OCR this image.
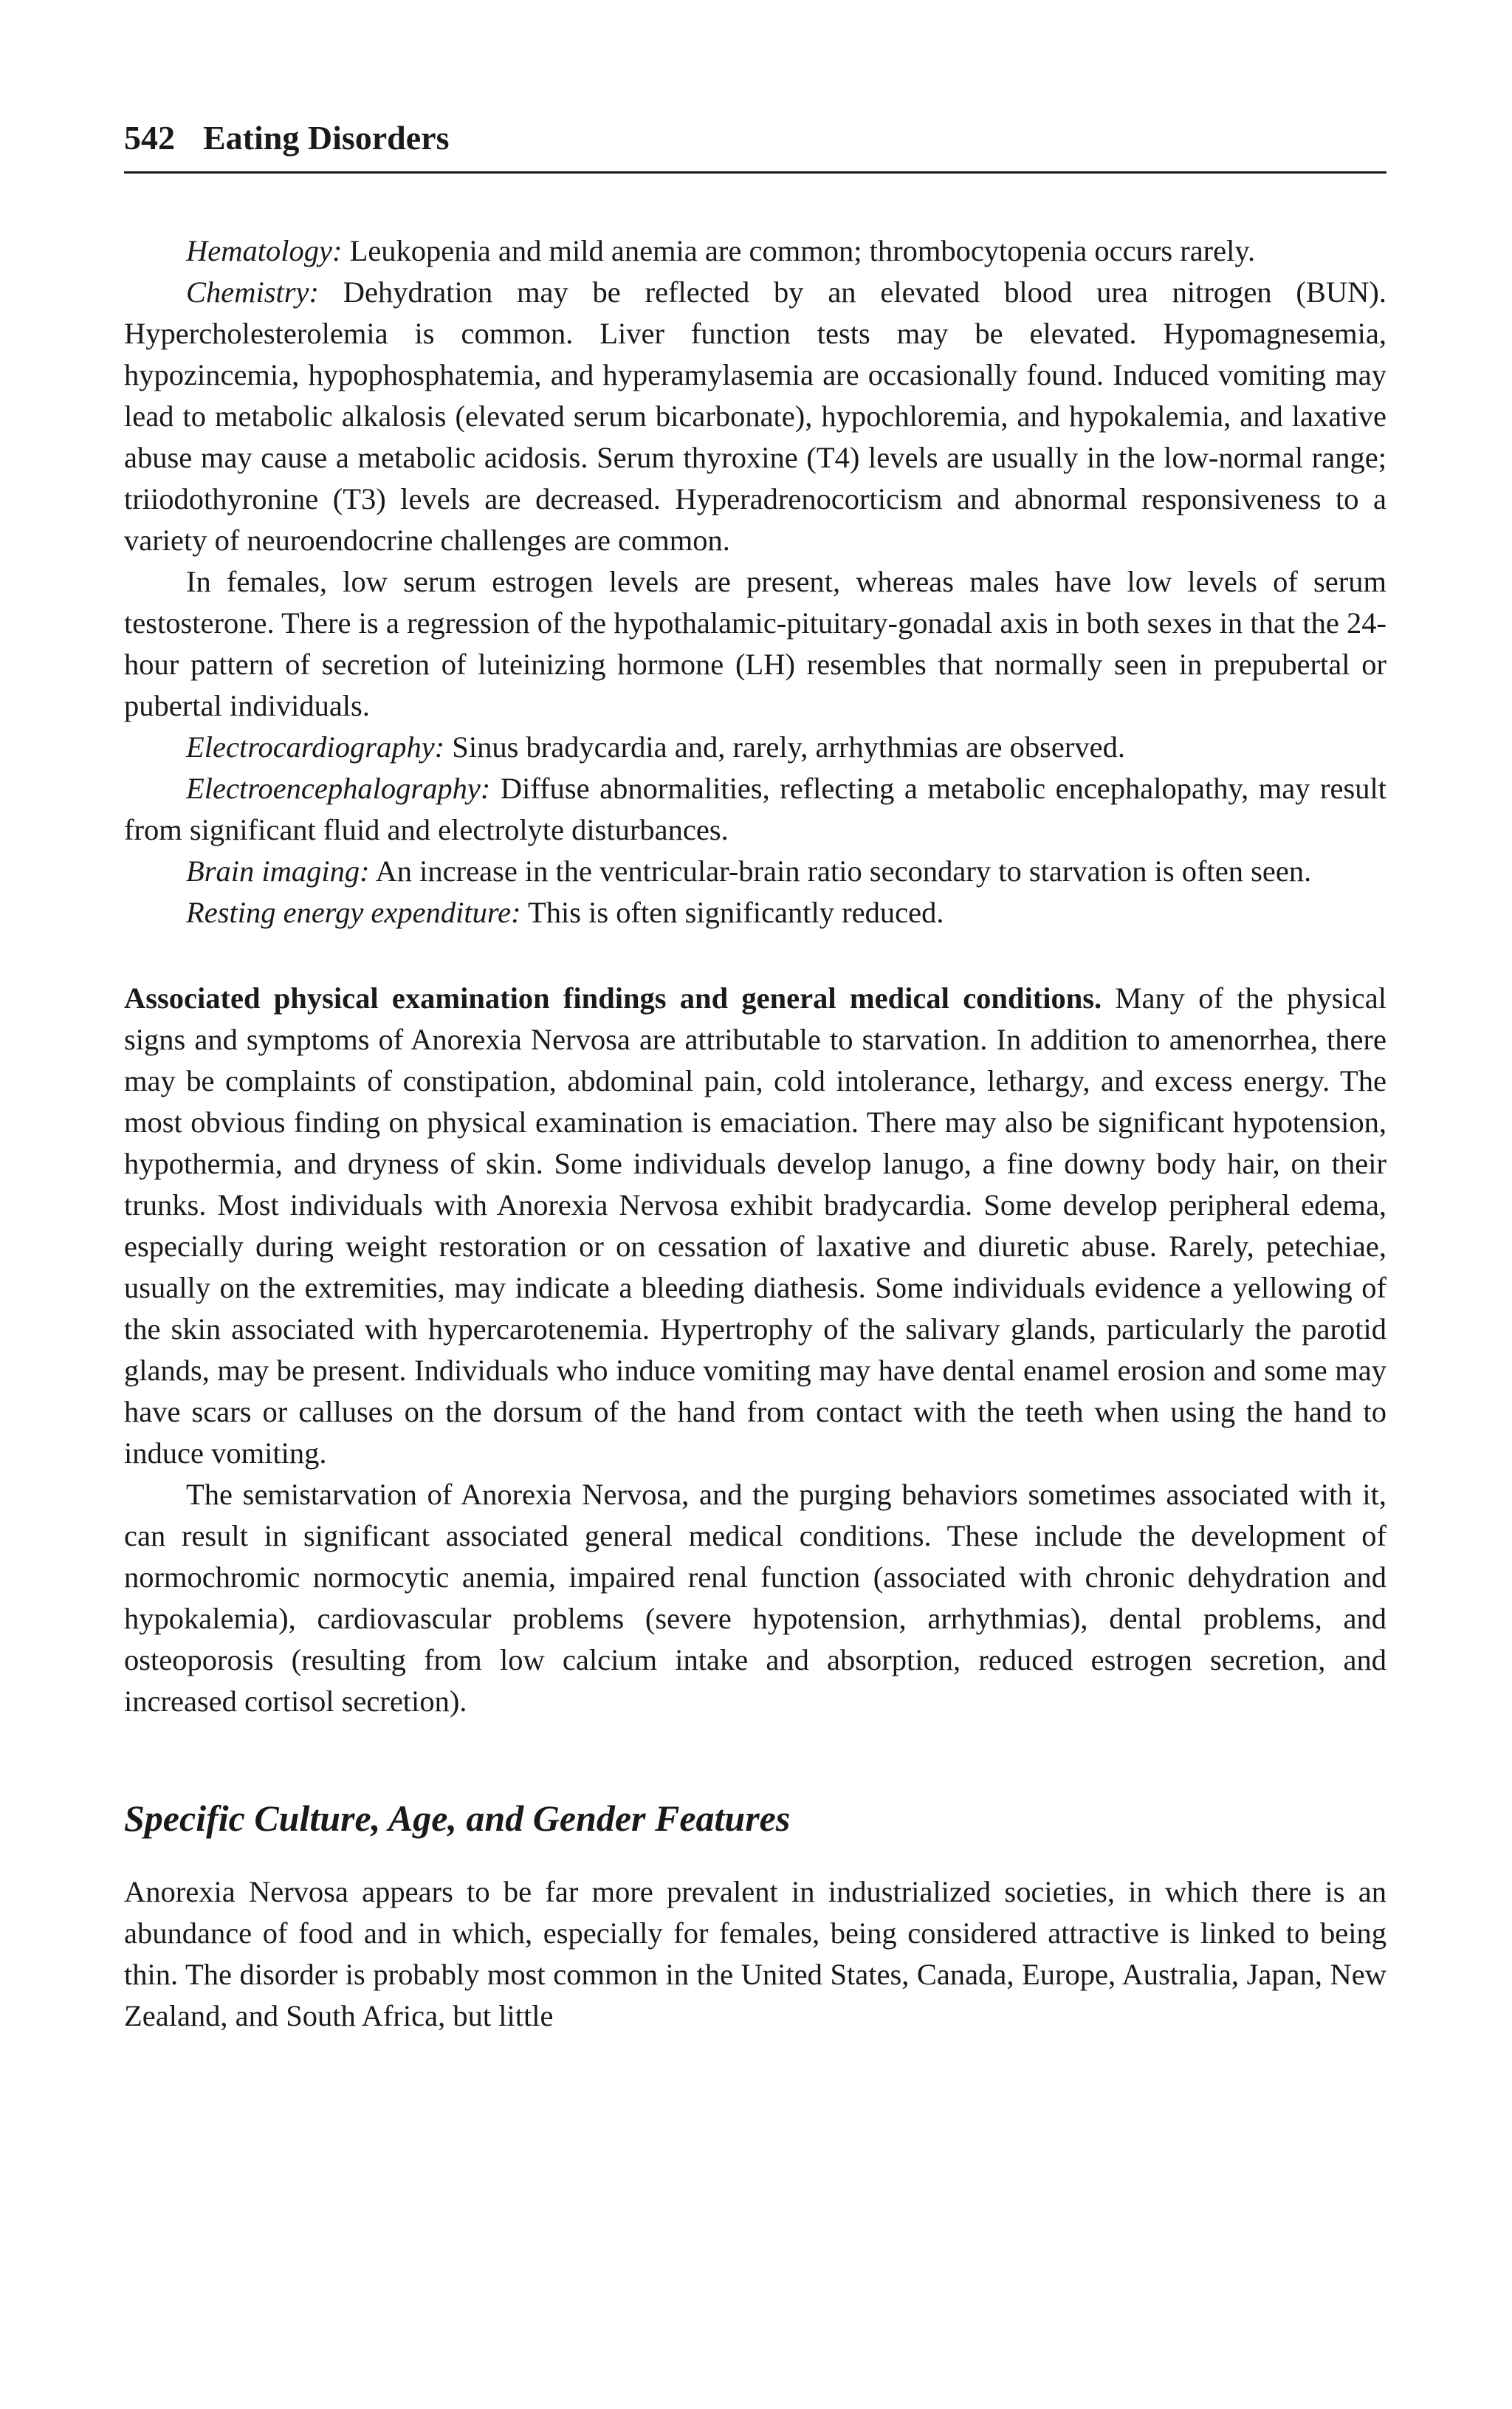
542 Eating Disorders

Hematology: Leukopenia and mild anemia are common; thrombocytopenia occurs rarely.

Chemistry: Dehydration may be reflected by an elevated blood urea nitrogen (BUN). Hypercholesterolemia is common. Liver function tests may be elevated. Hypomagnesemia, hypozincemia, hypophosphatemia, and hyperamylasemia are occasionally found. Induced vomiting may lead to metabolic alkalosis (elevated serum bicarbonate), hypochloremia, and hypokalemia, and laxative abuse may cause a metabolic acidosis. Serum thyroxine (T4) levels are usually in the low-normal range; triiodothyronine (T3) levels are decreased. Hyperadrenocorticism and abnormal responsiveness to a variety of neuroendocrine challenges are common.

In females, low serum estrogen levels are present, whereas males have low levels of serum testosterone. There is a regression of the hypothalamic-pituitary-gonadal axis in both sexes in that the 24-hour pattern of secretion of luteinizing hormone (LH) resembles that normally seen in prepubertal or pubertal individuals.

Electrocardiography: Sinus bradycardia and, rarely, arrhythmias are observed.

Electroencephalography: Diffuse abnormalities, reflecting a metabolic encephalopathy, may result from significant fluid and electrolyte disturbances.

Brain imaging: An increase in the ventricular-brain ratio secondary to starvation is often seen.

Resting energy expenditure: This is often significantly reduced.

Associated physical examination findings and general medical conditions. Many of the physical signs and symptoms of Anorexia Nervosa are attributable to starvation. In addition to amenorrhea, there may be complaints of constipation, abdominal pain, cold intolerance, lethargy, and excess energy. The most obvious finding on physical examination is emaciation. There may also be significant hypotension, hypothermia, and dryness of skin. Some individuals develop lanugo, a fine downy body hair, on their trunks. Most individuals with Anorexia Nervosa exhibit bradycardia. Some develop peripheral edema, especially during weight restoration or on cessation of laxative and diuretic abuse. Rarely, petechiae, usually on the extremities, may indicate a bleeding diathesis. Some individuals evidence a yellowing of the skin associated with hypercarotenemia. Hypertrophy of the salivary glands, particularly the parotid glands, may be present. Individuals who induce vomiting may have dental enamel erosion and some may have scars or calluses on the dorsum of the hand from contact with the teeth when using the hand to induce vomiting.

The semistarvation of Anorexia Nervosa, and the purging behaviors sometimes associated with it, can result in significant associated general medical conditions. These include the development of normochromic normocytic anemia, impaired renal function (associated with chronic dehydration and hypokalemia), cardiovascular problems (severe hypotension, arrhythmias), dental problems, and osteoporosis (resulting from low calcium intake and absorption, reduced estrogen secretion, and increased cortisol secretion).

Specific Culture, Age, and Gender Features

Anorexia Nervosa appears to be far more prevalent in industrialized societies, in which there is an abundance of food and in which, especially for females, being considered attractive is linked to being thin. The disorder is probably most common in the United States, Canada, Europe, Australia, Japan, New Zealand, and South Africa, but little
